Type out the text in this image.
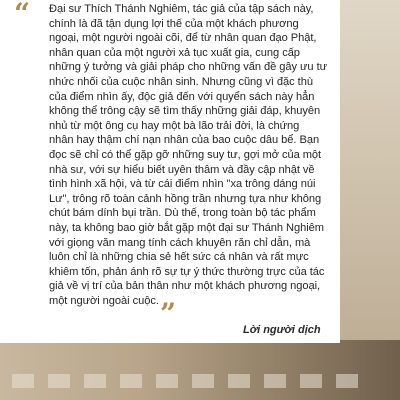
“ Đại sư Thích Thánh Nghiêm, tác giả của tập sách này,
chính là đã tận dụng lợi thế của một khách phương
ngoại, một người ngoài cõi, để từ nhân quan đạo Phật,
nhân quan của một người xả tục xuất gia, cung cấp
những ý tưởng và giải pháp cho những vấn đề gây ưu tư
nhức nhối của cuộc nhân sinh. Nhưng cũng vì đặc thù
của điểm nhìn ấy, độc giả đến với quyển sách này hẳn
không thể trông cậy sẽ tìm thấy những giải đáp, khuyên
nhủ từ một ông cụ hay một bà lão trải đời, là chứng
nhân hay thậm chí nạn nhân của bao cuộc dâu bể. Bạn
đọc sẽ chỉ có thể gặp gỡ những suy tư, gợi mở của một
nhà sư, với sự hiểu biết uyên thâm và đầy cập nhật về
tình hình xã hội, và từ cái điểm nhìn "xa trông dáng núi
Lư", trông rõ toàn cảnh hồng trần nhưng tựa như không
chút bám dính bụi trần. Dù thế, trong toàn bộ tác phẩm
này, ta không bao giờ bắt gặp một đại sư Thánh Nghiêm
với giọng văn mang tính cách khuyên răn chỉ dẫn, mà
luôn chỉ là những chia sẻ hết sức cá nhân và rất mực
khiêm tốn, phản ánh rõ sự tự ý thức thường trực của tác
giả về vị trí của bản thân như một khách phương ngoại,
một người ngoài cuộc. ”	Lời người dịch
